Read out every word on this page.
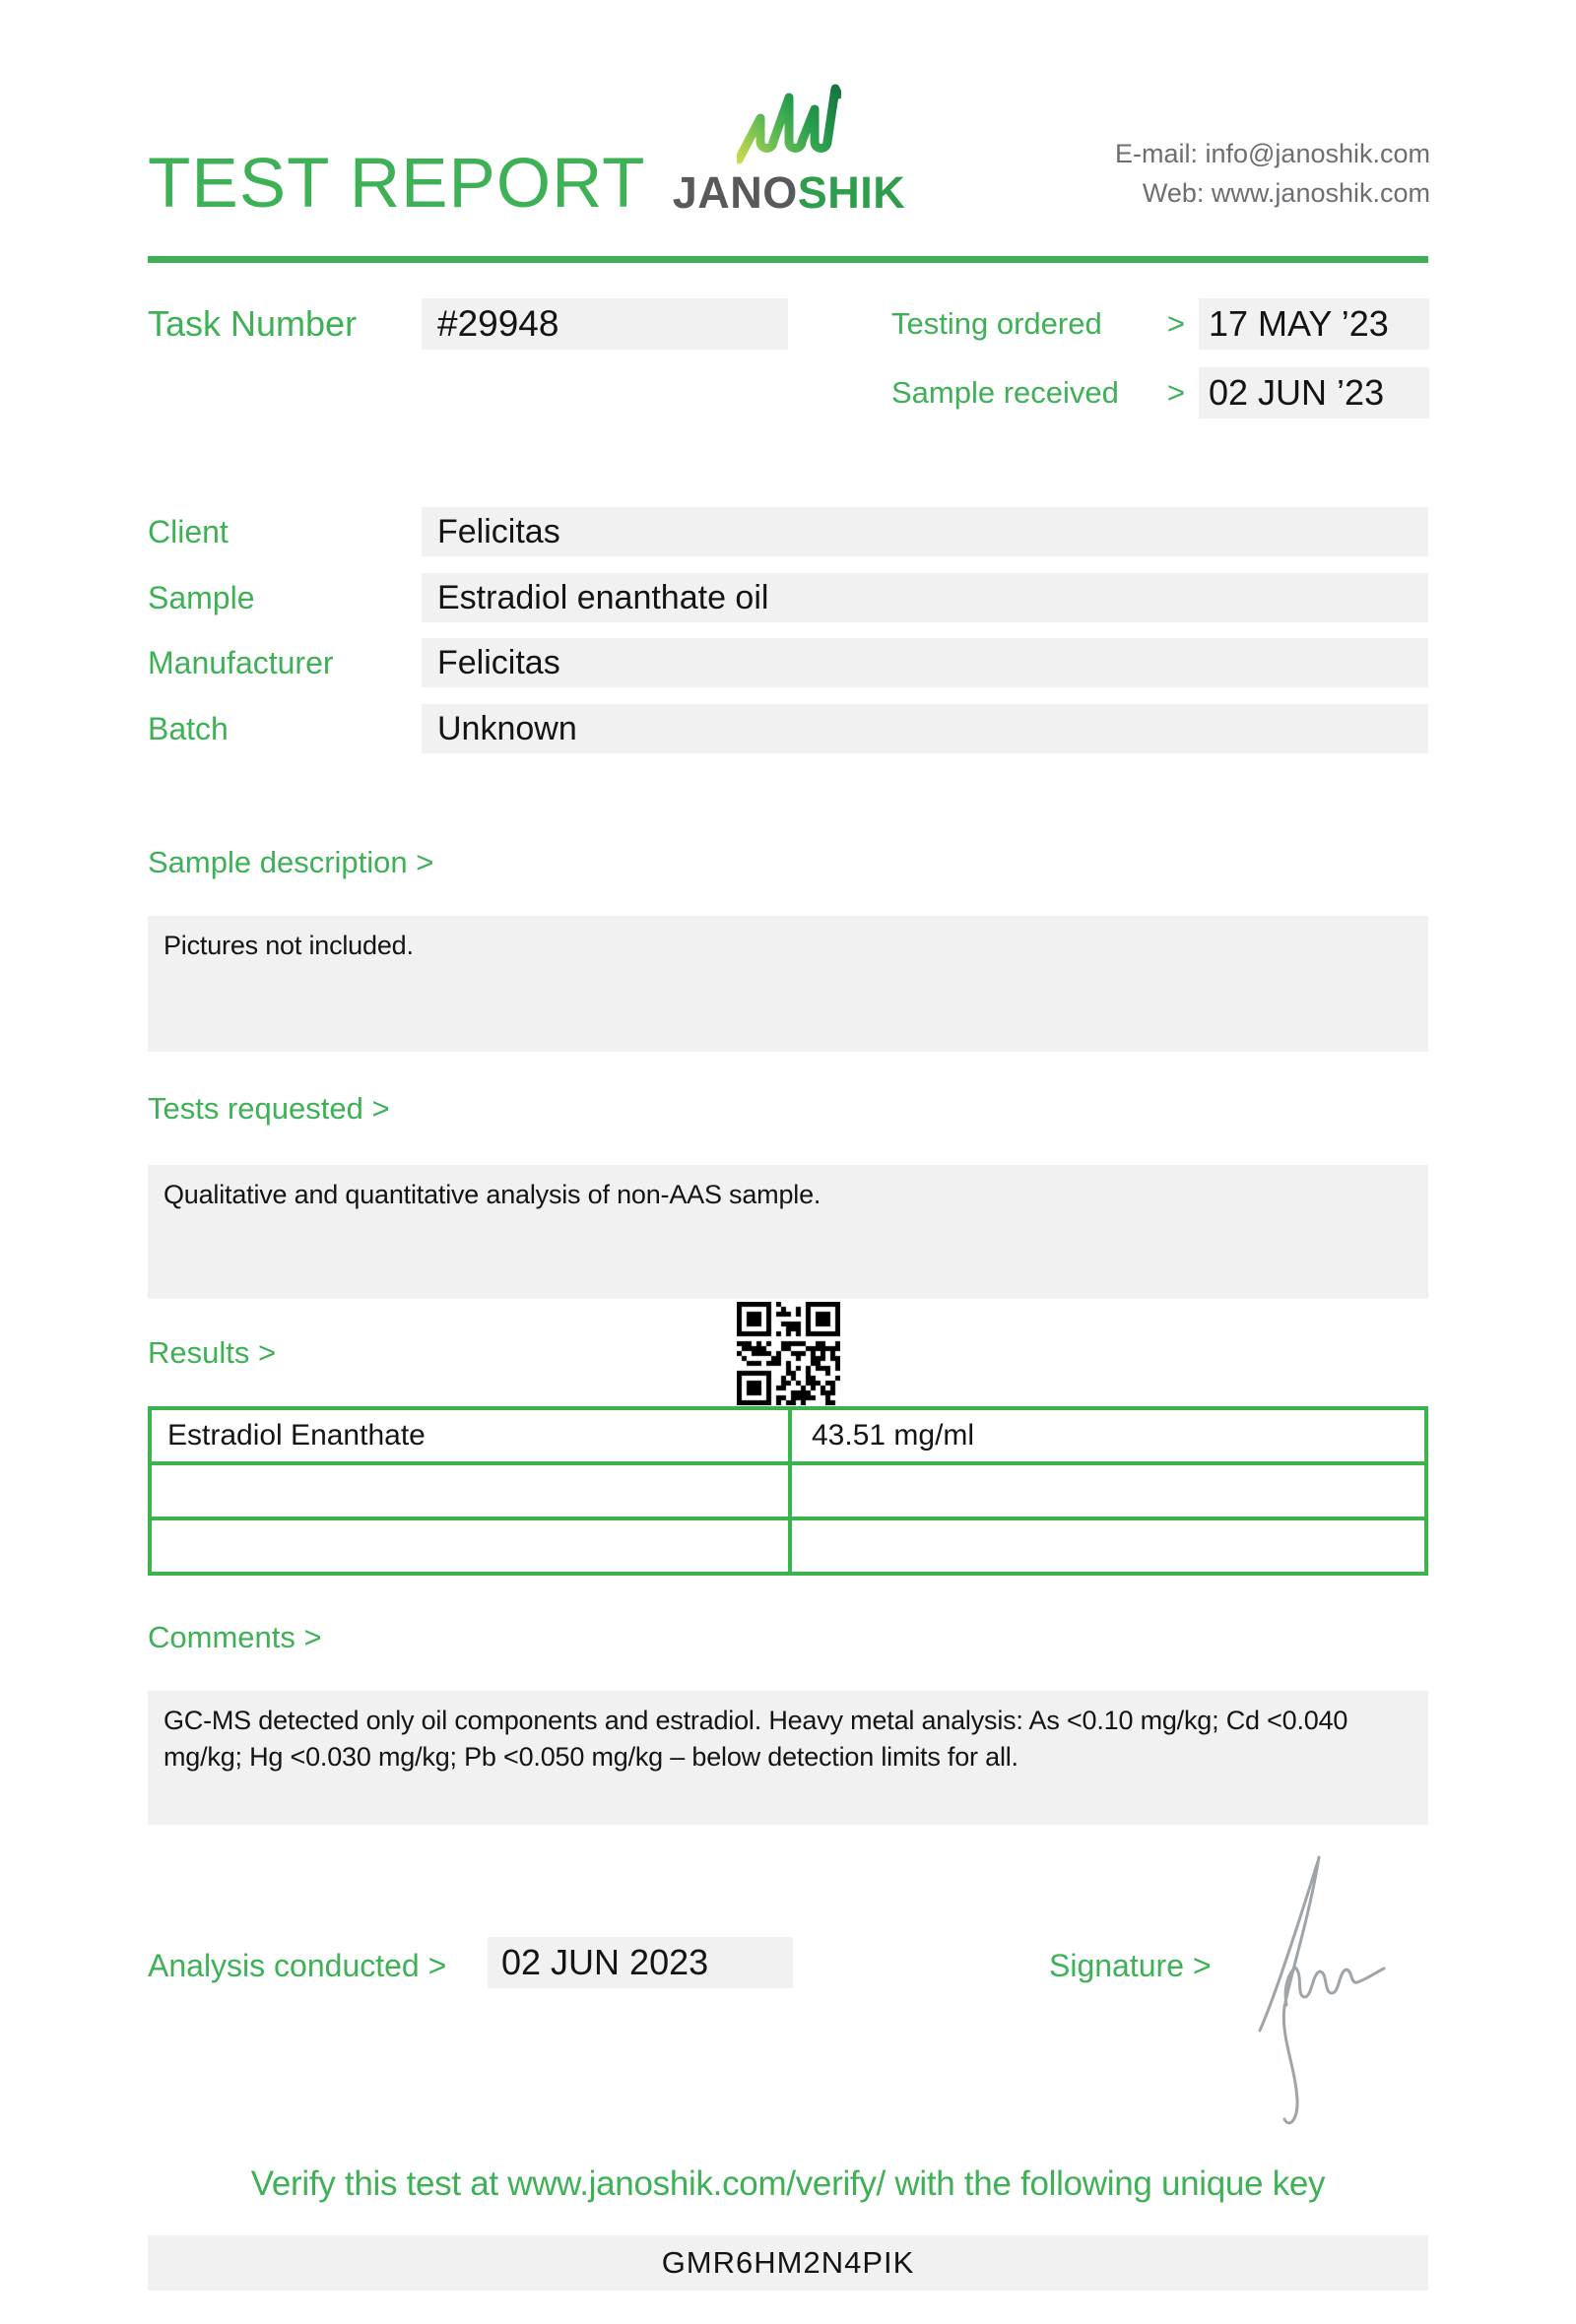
TEST REPORT JANOSHIK
E-mail: info@janoshik.com
Web: www.janoshik.com
Task Number #29948	Testing ordered > 17 MAY ’23
Sample received > 02 JUN ’23
Client	Felicitas
Sample	Estradiol enanthate oil
Manufacturer	Felicitas
Batch	Unknown
Sample description >
Pictures not included.
Tests requested >
Qualitative and quantitative analysis of non-AAS sample.
Results >
Estradiol Enanthate	43.51 mg/ml
Comments >
GC-MS detected only oil components and estradiol. Heavy metal analysis: As <0.10 mg/kg; Cd <0.040 mg/kg; Hg <0.030 mg/kg; Pb <0.050 mg/kg – below detection limits for all.
Analysis conducted > 02 JUN 2023	Signature >
Verify this test at www.janoshik.com/verify/ with the following unique key
GMR6HM2N4PIK
